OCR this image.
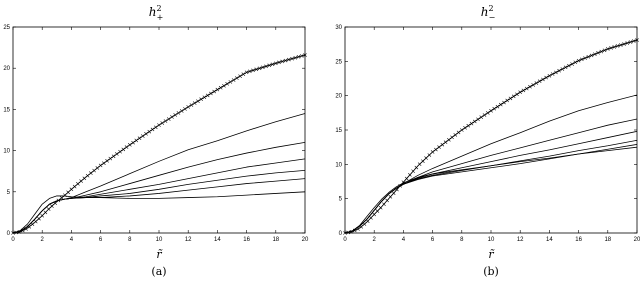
0	2	4	6	8	10	12	14	16	18	20
0
5
10
15
20
25
$h^2$ +
r̃
(a)
0	2	4	6	8	10	12	14	16	18	20
0
5
10
15
20
25
30
$h^2$ −
r̃
(b)
